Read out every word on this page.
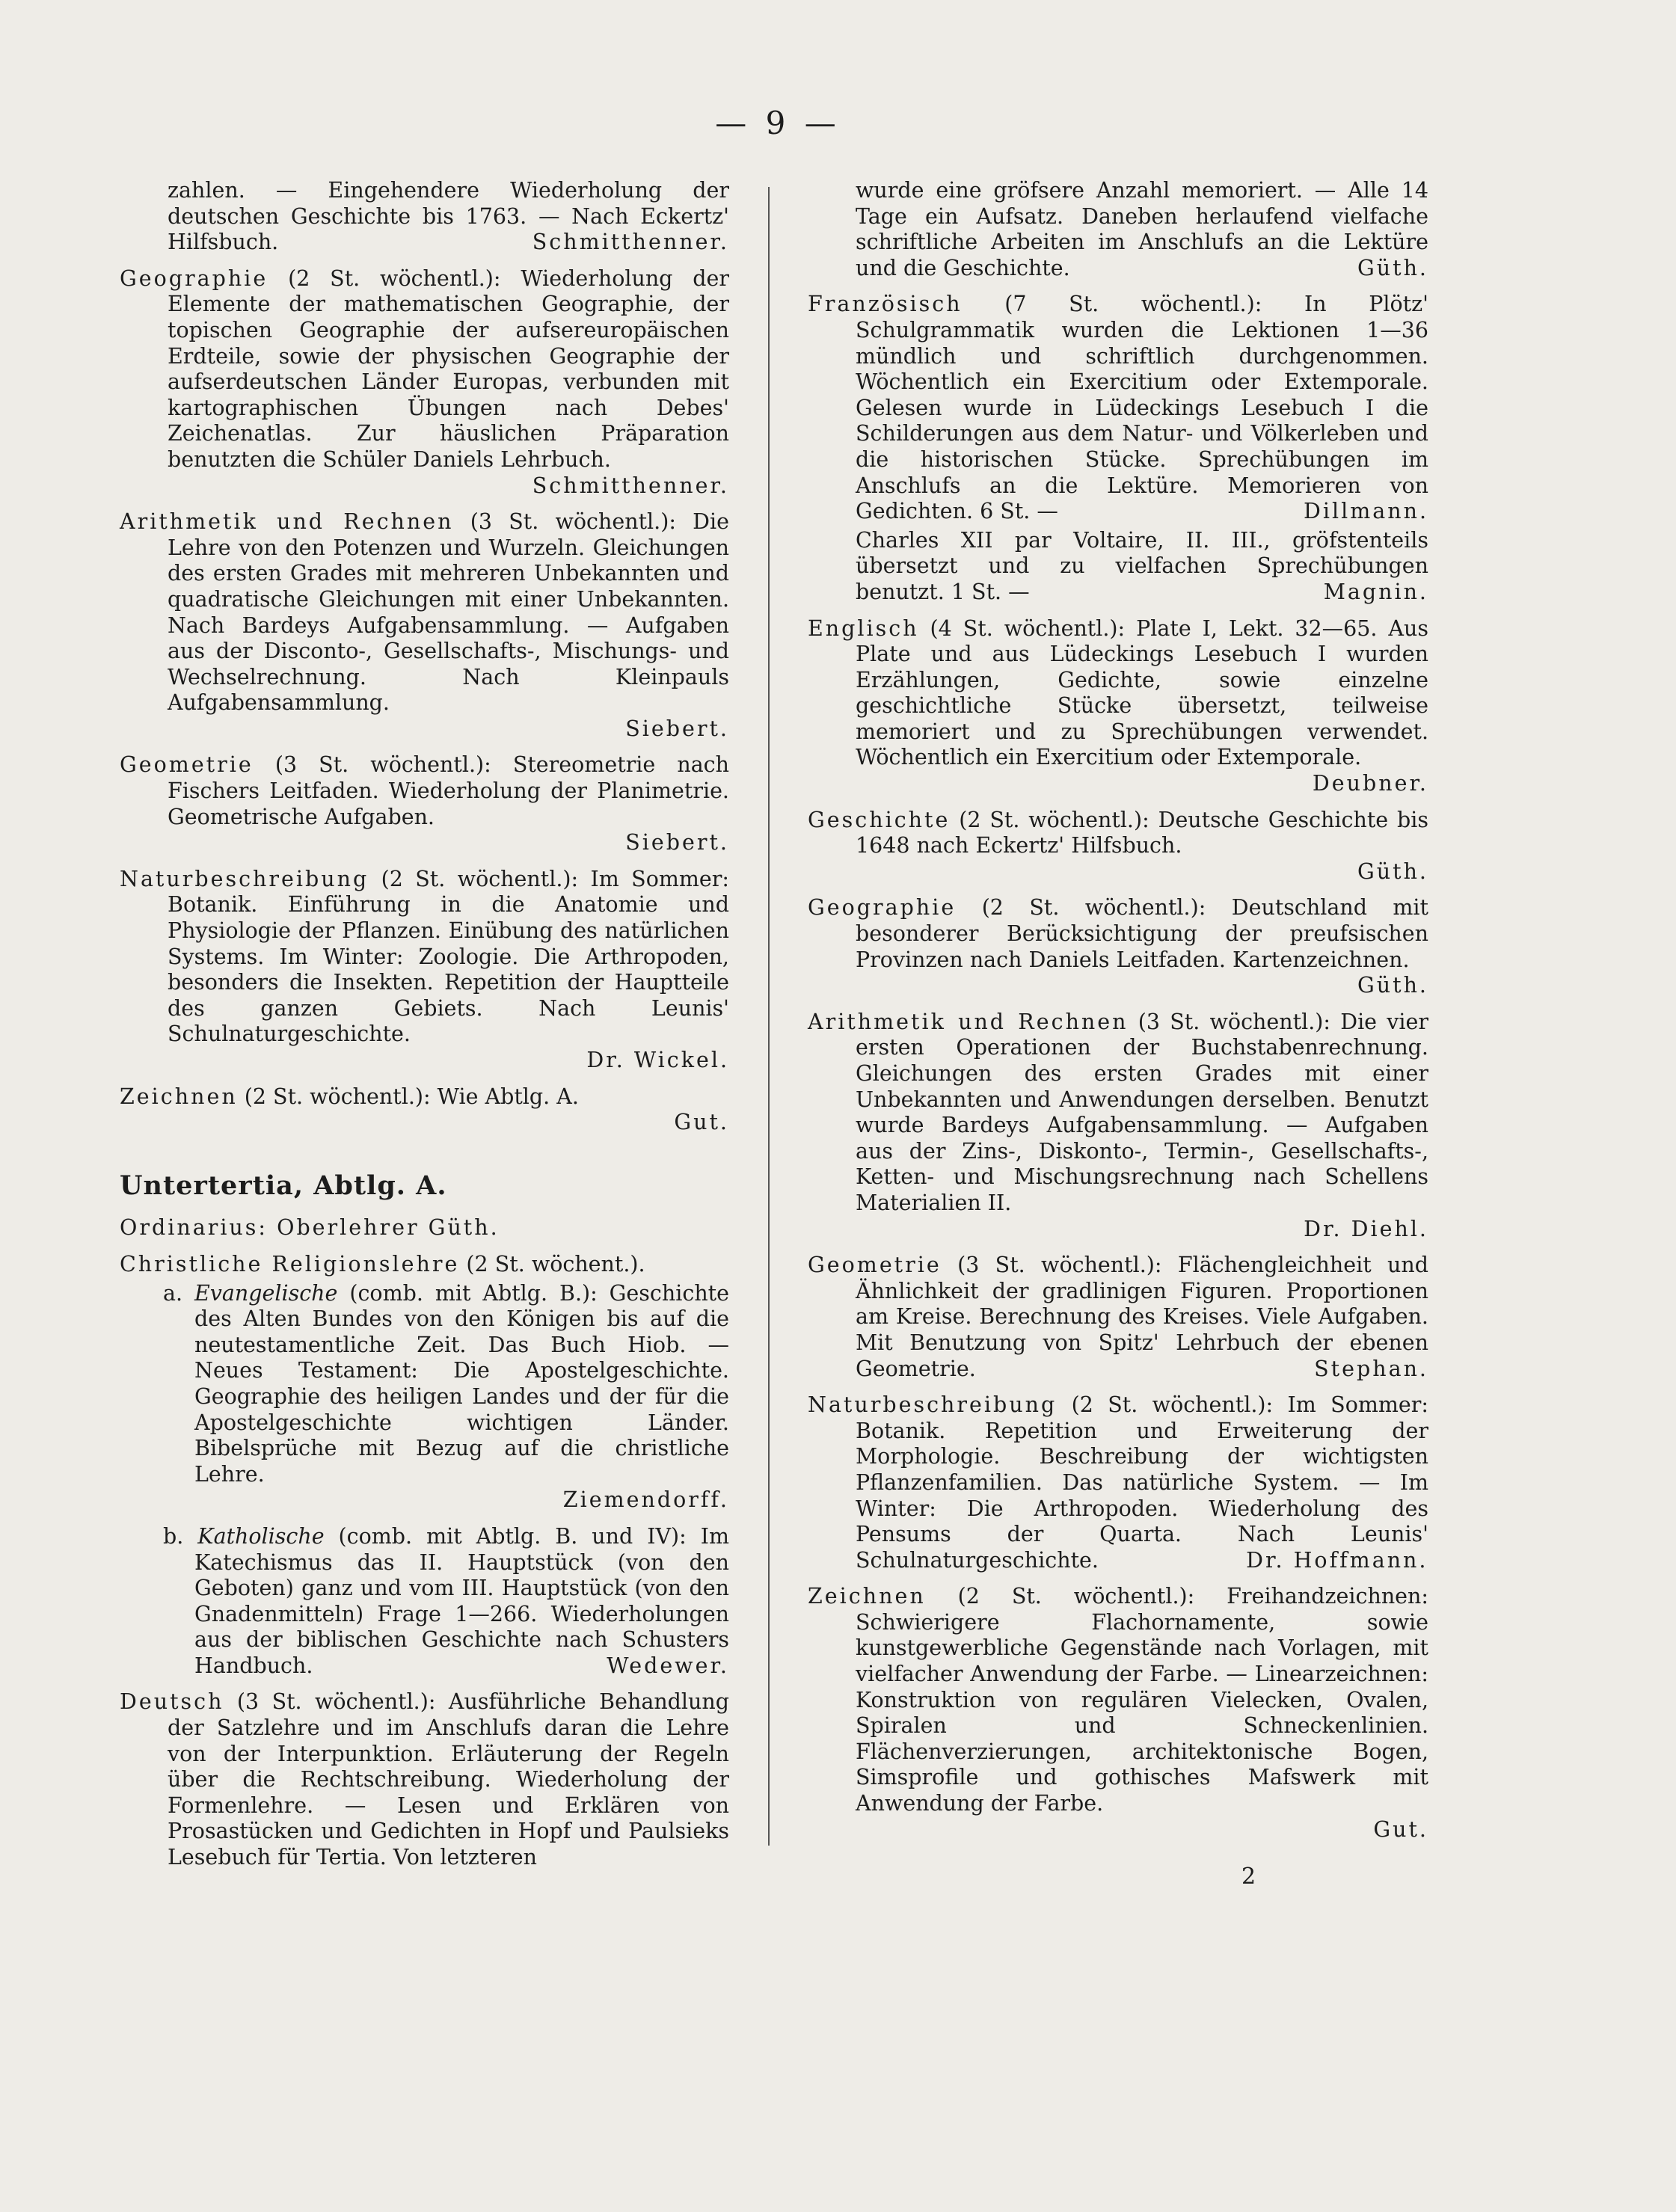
— 9 —

zahlen. — Eingehendere Wiederholung der deutschen Geschichte bis 1763. — Nach Eckertz' Hilfsbuch.	Schmitthenner.

Geographie (2 St. wöchentl.): Wiederholung der Elemente der mathematischen Geographie, der topischen Geographie der aufsereuropäischen Erdteile, sowie der physischen Geographie der aufserdeutschen Länder Europas, verbunden mit kartographischen Übungen nach Debes' Zeichenatlas. Zur häuslichen Präparation benutzten die Schüler Daniels Lehrbuch.
Schmitthenner.

Arithmetik und Rechnen (3 St. wöchentl.): Die Lehre von den Potenzen und Wurzeln. Gleichungen des ersten Grades mit mehreren Unbekannten und quadratische Gleichungen mit einer Unbekannten. Nach Bardeys Aufgabensammlung. — Aufgaben aus der Disconto-, Gesellschafts-, Mischungs- und Wechselrechnung. Nach Kleinpauls Aufgabensammlung.
Siebert.

Geometrie (3 St. wöchentl.): Stereometrie nach Fischers Leitfaden. Wiederholung der Planimetrie. Geometrische Aufgaben.
Siebert.

Naturbeschreibung (2 St. wöchentl.): Im Sommer: Botanik. Einführung in die Anatomie und Physiologie der Pflanzen. Einübung des natürlichen Systems. Im Winter: Zoologie. Die Arthropoden, besonders die Insekten. Repetition der Hauptteile des ganzen Gebiets. Nach Leunis' Schulnaturgeschichte.
Dr. Wickel.

Zeichnen (2 St. wöchentl.): Wie Abtlg. A.
Gut.

Untertertia, Abtlg. A.

Ordinarius: Oberlehrer Güth.

Christliche Religionslehre (2 St. wöchent.).

a. Evangelische (comb. mit Abtlg. B.): Geschichte des Alten Bundes von den Königen bis auf die neutestamentliche Zeit. Das Buch Hiob. — Neues Testament: Die Apostelgeschichte. Geographie des heiligen Landes und der für die Apostelgeschichte wichtigen Länder. Bibelsprüche mit Bezug auf die christliche Lehre.
Ziemendorff.

b. Katholische (comb. mit Abtlg. B. und IV): Im Katechismus das II. Hauptstück (von den Geboten) ganz und vom III. Hauptstück (von den Gnadenmitteln) Frage 1—266. Wiederholungen aus der biblischen Geschichte nach Schusters Handbuch.	Wedewer.

Deutsch (3 St. wöchentl.): Ausführliche Behandlung der Satzlehre und im Anschlufs daran die Lehre von der Interpunktion. Erläuterung der Regeln über die Rechtschreibung. Wiederholung der Formenlehre. — Lesen und Erklären von Prosastücken und Gedichten in Hopf und Paulsieks Lesebuch für Tertia. Von letzteren

wurde eine gröfsere Anzahl memoriert. — Alle 14 Tage ein Aufsatz. Daneben herlaufend vielfache schriftliche Arbeiten im Anschlufs an die Lektüre und die Geschichte.	Güth.

Französisch (7 St. wöchentl.): In Plötz' Schulgrammatik wurden die Lektionen 1—36 mündlich und schriftlich durchgenommen. Wöchentlich ein Exercitium oder Extemporale. Gelesen wurde in Lüdeckings Lesebuch I die Schilderungen aus dem Natur- und Völkerleben und die historischen Stücke. Sprechübungen im Anschlufs an die Lektüre. Memorieren von Gedichten. 6 St. —	Dillmann.

Charles XII par Voltaire, II. III., gröfstenteils übersetzt und zu vielfachen Sprechübungen benutzt. 1 St. —	Magnin.

Englisch (4 St. wöchentl.): Plate I, Lekt. 32—65. Aus Plate und aus Lüdeckings Lesebuch I wurden Erzählungen, Gedichte, sowie einzelne geschichtliche Stücke übersetzt, teilweise memoriert und zu Sprechübungen verwendet. Wöchentlich ein Exercitium oder Extemporale.
Deubner.

Geschichte (2 St. wöchentl.): Deutsche Geschichte bis 1648 nach Eckertz' Hilfsbuch.
Güth.

Geographie (2 St. wöchentl.): Deutschland mit besonderer Berücksichtigung der preufsischen Provinzen nach Daniels Leitfaden. Kartenzeichnen.
Güth.

Arithmetik und Rechnen (3 St. wöchentl.): Die vier ersten Operationen der Buchstabenrechnung. Gleichungen des ersten Grades mit einer Unbekannten und Anwendungen derselben. Benutzt wurde Bardeys Aufgabensammlung. — Aufgaben aus der Zins-, Diskonto-, Termin-, Gesellschafts-, Ketten- und Mischungsrechnung nach Schellens Materialien II.
Dr. Diehl.

Geometrie (3 St. wöchentl.): Flächengleichheit und Ähnlichkeit der gradlinigen Figuren. Proportionen am Kreise. Berechnung des Kreises. Viele Aufgaben. Mit Benutzung von Spitz' Lehrbuch der ebenen Geometrie.	Stephan.

Naturbeschreibung (2 St. wöchentl.): Im Sommer: Botanik. Repetition und Erweiterung der Morphologie. Beschreibung der wichtigsten Pflanzenfamilien. Das natürliche System. — Im Winter: Die Arthropoden. Wiederholung des Pensums der Quarta. Nach Leunis' Schulnaturgeschichte.	Dr. Hoffmann.

Zeichnen (2 St. wöchentl.): Freihandzeichnen: Schwierigere Flachornamente, sowie kunstgewerbliche Gegenstände nach Vorlagen, mit vielfacher Anwendung der Farbe. — Linearzeichnen: Konstruktion von regulären Vielecken, Ovalen, Spiralen und Schneckenlinien. Flächenverzierungen, architektonische Bogen, Simsprofile und gothisches Mafswerk mit Anwendung der Farbe.
Gut.

2
